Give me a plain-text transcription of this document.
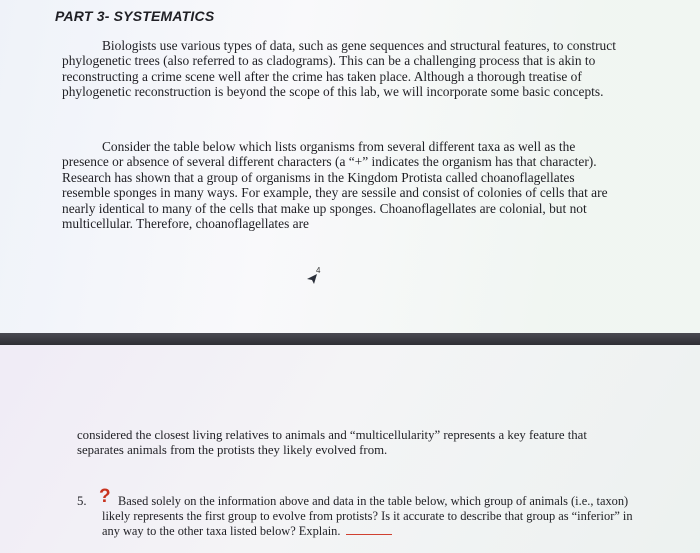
PART 3- SYSTEMATICS

Biologists use various types of data, such as gene sequences and structural features, to construct phylogenetic trees (also referred to as cladograms). This can be a challenging process that is akin to reconstructing a crime scene well after the crime has taken place. Although a thorough treatise of phylogenetic reconstruction is beyond the scope of this lab, we will incorporate some basic concepts.

Consider the table below which lists organisms from several different taxa as well as the presence or absence of several different characters (a “+” indicates the organism has that character). Research has shown that a group of organisms in the Kingdom Protista called choanoflagellates resemble sponges in many ways. For example, they are sessile and consist of colonies of cells that are nearly identical to many of the cells that make up sponges. Choanoflagellates are colonial, but not multicellular. Therefore, choanoflagellates are

4

considered the closest living relatives to animals and “multicellularity” represents a key feature that separates animals from the protists they likely evolved from.

5. ? Based solely on the information above and data in the table below, which group of animals (i.e., taxon) likely represents the first group to evolve from protists? Is it accurate to describe that group as “inferior” in any way to the other taxa listed below? Explain.
